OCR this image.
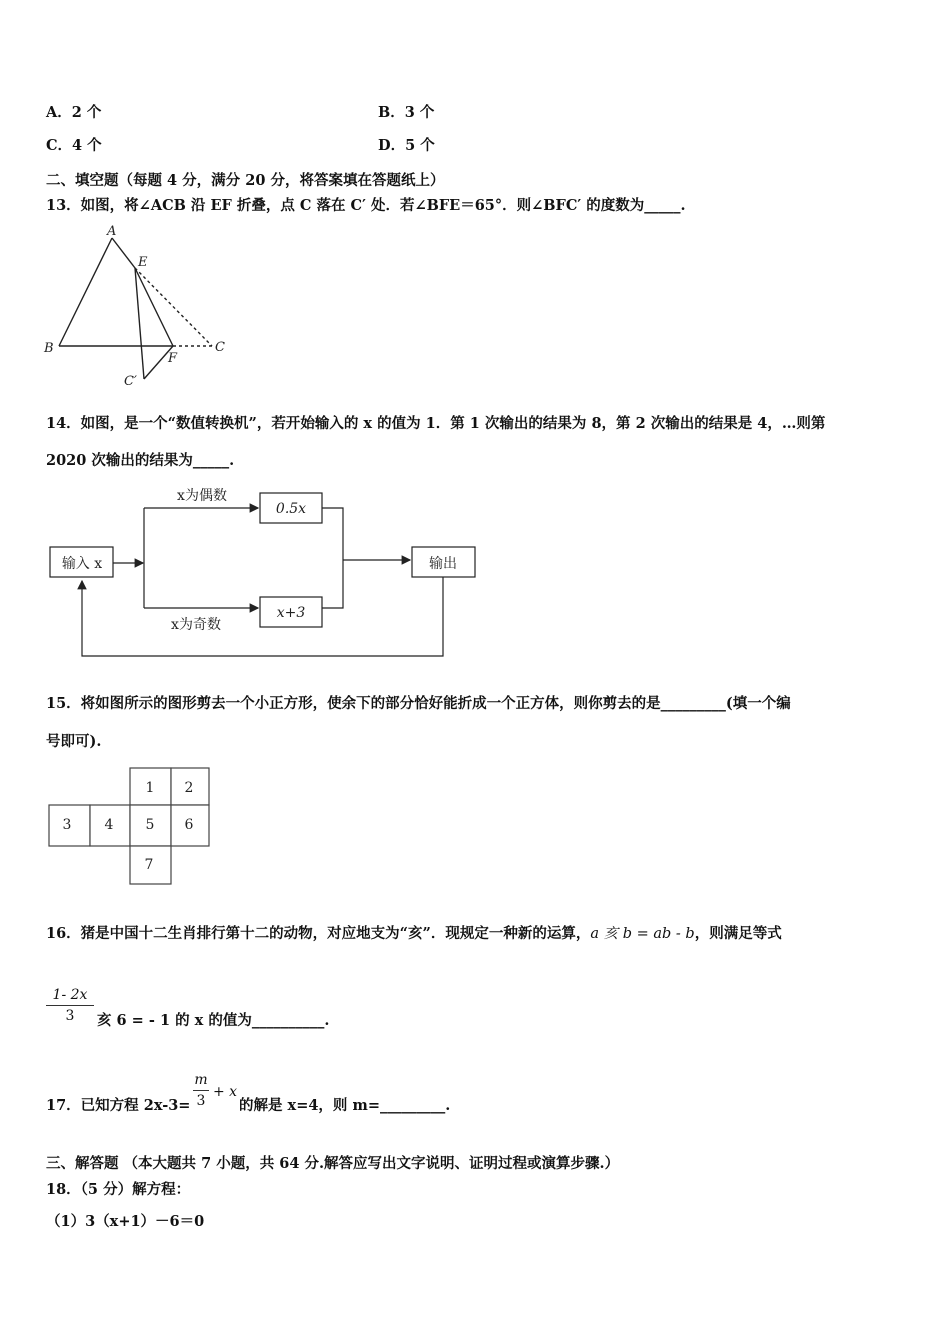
A．2 个	B．3 个
C．4 个	D．5 个
二、填空题（每题 4 分，满分 20 分，将答案填在答题纸上）
13．如图，将∠ACB 沿 EF 折叠，点 C 落在 C′ 处．若∠BFE＝65°．则∠BFC′ 的度数为_____.
A
E
B
F
C
C′
14．如图，是一个“数值转换机”，若开始输入的 x 的值为 1．第 1 次输出的结果为 8，第 2 次输出的结果是 4，…则第
2020 次输出的结果为_____.
输入 x
0.5x
x+3
输出
x为偶数
x为奇数
15．将如图所示的图形剪去一个小正方形，使余下的部分恰好能折成一个正方体，则你剪去的是_________(填一个编
号即可).
1 2
3 4 5 6
7
16．猪是中国十二生肖排行第十二的动物，对应地支为“亥”．现规定一种新的运算，a 亥 b = ab - b，则满足等式
1- 2x
3	亥 6 = - 1 的 x 的值为__________.
17．已知方程 2x-3=
m
3
+ x
的解是 x=4，则 m=_________.
三、解答题 （本大题共 7 小题，共 64 分.解答应写出文字说明、证明过程或演算步骤.）
18．（5 分）解方程：
（1）3（x+1）－6＝0
